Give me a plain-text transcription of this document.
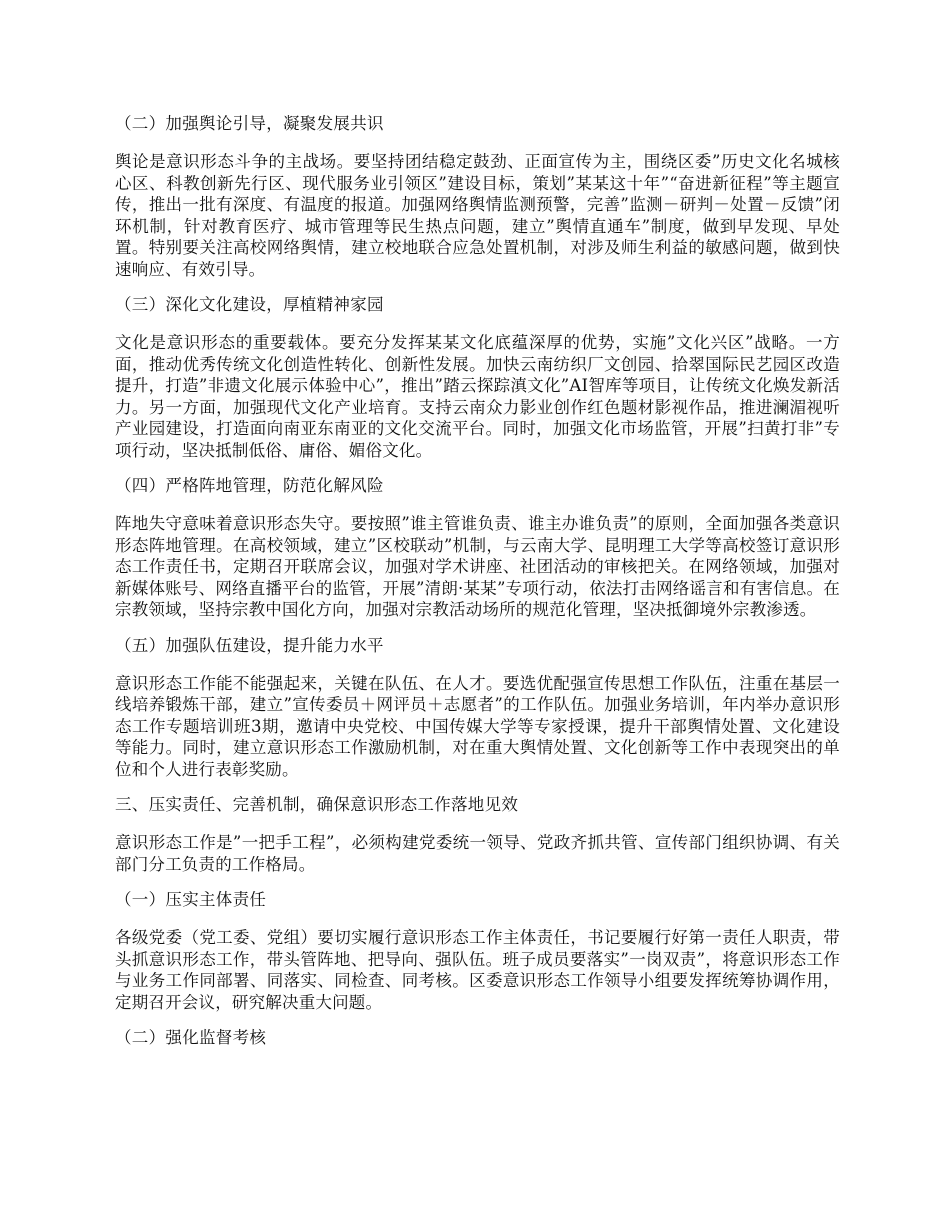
（二）加强舆论引导，凝聚发展共识
舆论是意识形态斗争的主战场。要坚持团结稳定鼓劲、正面宣传为主，围绕区委”历史文化名城核心区、科教创新先行区、现代服务业引领区”建设目标，策划”某某这十年”“奋进新征程”等主题宣传，推出一批有深度、有温度的报道。加强网络舆情监测预警，完善”监测－研判－处置－反馈”闭环机制，针对教育医疗、城市管理等民生热点问题，建立”舆情直通车”制度，做到早发现、早处置。特别要关注高校网络舆情，建立校地联合应急处置机制，对涉及师生利益的敏感问题，做到快速响应、有效引导。
（三）深化文化建设，厚植精神家园
文化是意识形态的重要载体。要充分发挥某某文化底蕴深厚的优势，实施”文化兴区”战略。一方面，推动优秀传统文化创造性转化、创新性发展。加快云南纺织厂文创园、拾翠国际民艺园区改造提升，打造”非遗文化展示体验中心”，推出”踏云探踪滇文化”AI智库等项目，让传统文化焕发新活力。另一方面，加强现代文化产业培育。支持云南众力影业创作红色题材影视作品，推进澜湄视听产业园建设，打造面向南亚东南亚的文化交流平台。同时，加强文化市场监管，开展”扫黄打非”专项行动，坚决抵制低俗、庸俗、媚俗文化。
（四）严格阵地管理，防范化解风险
阵地失守意味着意识形态失守。要按照”谁主管谁负责、谁主办谁负责”的原则，全面加强各类意识形态阵地管理。在高校领域，建立”区校联动”机制，与云南大学、昆明理工大学等高校签订意识形态工作责任书，定期召开联席会议，加强对学术讲座、社团活动的审核把关。在网络领域，加强对新媒体账号、网络直播平台的监管，开展”清朗·某某”专项行动，依法打击网络谣言和有害信息。在宗教领域，坚持宗教中国化方向，加强对宗教活动场所的规范化管理，坚决抵御境外宗教渗透。
（五）加强队伍建设，提升能力水平
意识形态工作能不能强起来，关键在队伍、在人才。要选优配强宣传思想工作队伍，注重在基层一线培养锻炼干部，建立”宣传委员＋网评员＋志愿者”的工作队伍。加强业务培训，年内举办意识形态工作专题培训班3期，邀请中央党校、中国传媒大学等专家授课，提升干部舆情处置、文化建设等能力。同时，建立意识形态工作激励机制，对在重大舆情处置、文化创新等工作中表现突出的单位和个人进行表彰奖励。
三、压实责任、完善机制，确保意识形态工作落地见效
意识形态工作是”一把手工程”，必须构建党委统一领导、党政齐抓共管、宣传部门组织协调、有关部门分工负责的工作格局。
（一）压实主体责任
各级党委（党工委、党组）要切实履行意识形态工作主体责任，书记要履行好第一责任人职责，带头抓意识形态工作，带头管阵地、把导向、强队伍。班子成员要落实”一岗双责”，将意识形态工作与业务工作同部署、同落实、同检查、同考核。区委意识形态工作领导小组要发挥统筹协调作用，定期召开会议，研究解决重大问题。
（二）强化监督考核
